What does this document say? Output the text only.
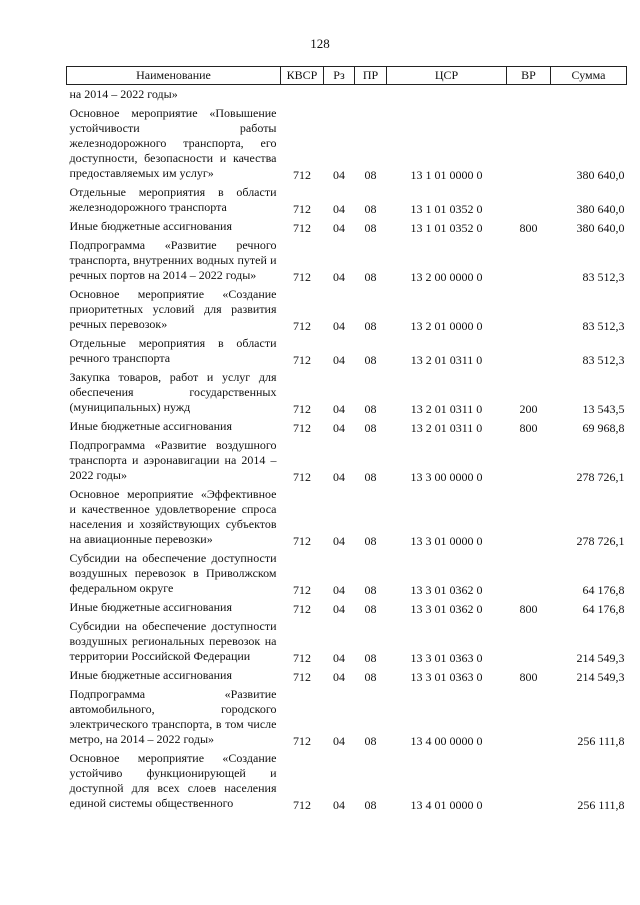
128
Наименование	КВСР	Рз	ПР	ЦСР	ВР	Сумма
на 2014 – 2022 годы»						
Основное мероприятие «Повышение устойчивости работы железнодорожного транспорта, его доступности, безопасности и качества предоставляемых им услуг»	712	04	08	13 1 01 0000 0		380 640,0
Отдельные мероприятия в области железнодорожного транспорта	712	04	08	13 1 01 0352 0		380 640,0
Иные бюджетные ассигнования	712	04	08	13 1 01 0352 0	800	380 640,0
Подпрограмма «Развитие речного транспорта, внутренних водных путей и речных портов на 2014 – 2022 годы»	712	04	08	13 2 00 0000 0		83 512,3
Основное мероприятие «Создание приоритетных условий для развития речных перевозок»	712	04	08	13 2 01 0000 0		83 512,3
Отдельные мероприятия в области речного транспорта	712	04	08	13 2 01 0311 0		83 512,3
Закупка товаров, работ и услуг для обеспечения государственных (муниципальных) нужд	712	04	08	13 2 01 0311 0	200	13 543,5
Иные бюджетные ассигнования	712	04	08	13 2 01 0311 0	800	69 968,8
Подпрограмма «Развитие воздушного транспорта и аэронавигации на 2014 – 2022 годы»	712	04	08	13 3 00 0000 0		278 726,1
Основное мероприятие «Эффективное и качественное удовлетворение спроса населения и хозяйствующих субъектов на авиационные перевозки»	712	04	08	13 3 01 0000 0		278 726,1
Субсидии на обеспечение доступности воздушных перевозок в Приволжском федеральном округе	712	04	08	13 3 01 0362 0		64 176,8
Иные бюджетные ассигнования	712	04	08	13 3 01 0362 0	800	64 176,8
Субсидии на обеспечение доступности воздушных региональных перевозок на территории Российской Федерации	712	04	08	13 3 01 0363 0		214 549,3
Иные бюджетные ассигнования	712	04	08	13 3 01 0363 0	800	214 549,3
Подпрограмма «Развитие автомобильного, городского электрического транспорта, в том числе метро, на 2014 – 2022 годы»	712	04	08	13 4 00 0000 0		256 111,8
Основное мероприятие «Создание устойчиво функционирующей и доступной для всех слоев населения единой системы общественного	712	04	08	13 4 01 0000 0		256 111,8
